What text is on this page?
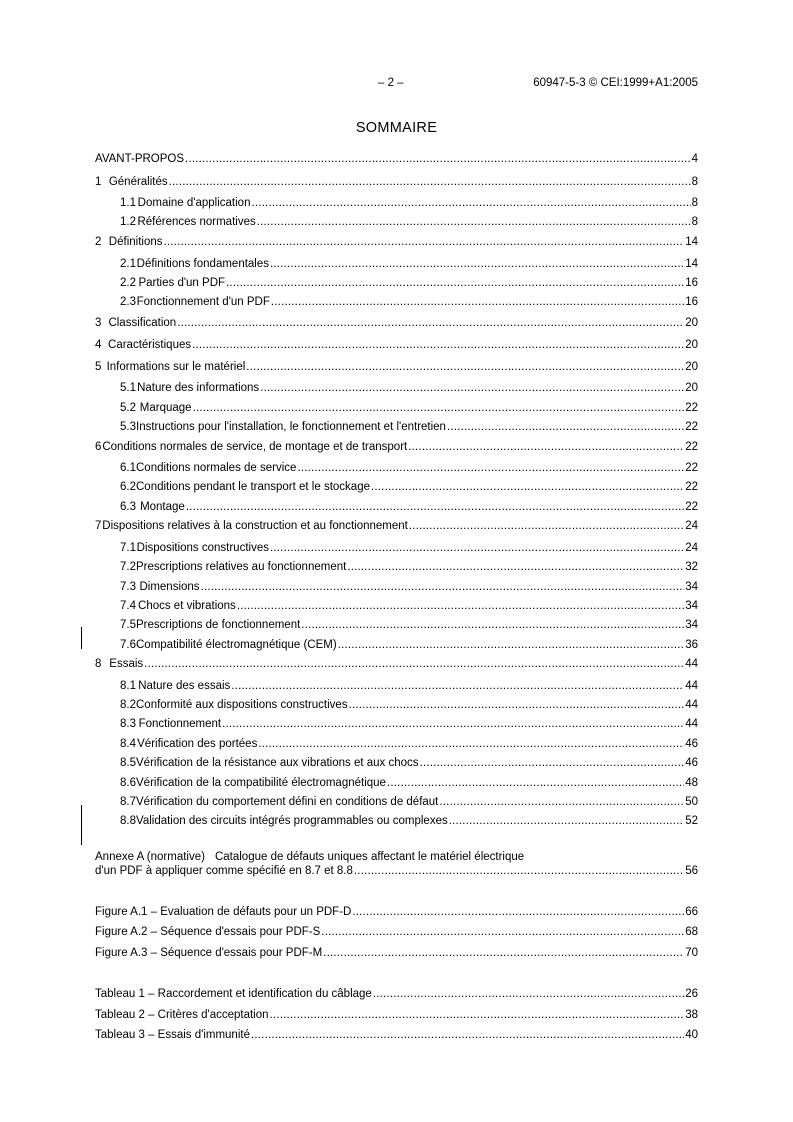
– 2 –	60947-5-3 © CEI:1999+A1:2005
SOMMAIRE
AVANT-PROPOS .....	4
1 Généralités .....	8
1.1 Domaine d'application .....	8
1.2 Références normatives .....	8
2 Définitions .....	14
2.1 Définitions fondamentales .....	14
2.2 Parties d'un PDF .....	16
2.3 Fonctionnement d'un PDF .....	16
3 Classification .....	20
4 Caractéristiques .....	20
5 Informations sur le matériel .....	20
5.1 Nature des informations .....	20
5.2 Marquage .....	22
5.3 Instructions pour l'installation, le fonctionnement et l'entretien .....	22
6 Conditions normales de service, de montage et de transport .....	22
6.1 Conditions normales de service .....	22
6.2 Conditions pendant le transport et le stockage .....	22
6.3 Montage .....	22
7 Dispositions relatives à la construction et au fonctionnement .....	24
7.1 Dispositions constructives .....	24
7.2 Prescriptions relatives au fonctionnement .....	32
7.3 Dimensions .....	34
7.4 Chocs et vibrations .....	34
7.5 Prescriptions de fonctionnement .....	34
7.6 Compatibilité électromagnétique (CEM) .....	36
8 Essais .....	44
8.1 Nature des essais .....	44
8.2 Conformité aux dispositions constructives .....	44
8.3 Fonctionnement .....	44
8.4 Vérification des portées .....	46
8.5 Vérification de la résistance aux vibrations et aux chocs .....	46
8.6 Vérification de la compatibilité électromagnétique .....	48
8.7 Vérification du comportement défini en conditions de défaut .....	50
8.8 Validation des circuits intégrés programmables ou complexes .....	52
Annexe A (normative) Catalogue de défauts uniques affectant le matériel électrique
d'un PDF à appliquer comme spécifié en 8.7 et 8.8 .....	56
Figure A.1 – Evaluation de défauts pour un PDF-D .....	66
Figure A.2 – Séquence d'essais pour PDF-S .....	68
Figure A.3 – Séquence d'essais pour PDF-M .....	70
Tableau 1 – Raccordement et identification du câblage .....	26
Tableau 2 – Critères d'acceptation .....	38
Tableau 3 – Essais d'immunité .....	40
